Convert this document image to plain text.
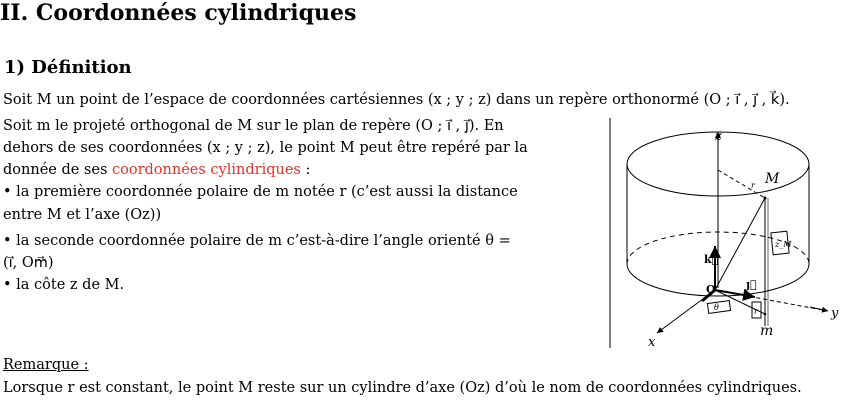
II. Coordonnées cylindriques
1) Définition
Soit M un point de l’espace de coordonnées cartésiennes (x ; y ; z) dans un repère orthonormé (O ; ı⃗ , ȷ⃗ , k⃗).
Soit m le projeté orthogonal de M sur le plan de repère (O ; ı⃗ , ȷ⃗). En
dehors de ses coordonnées (x ; y ; z), le point M peut être repéré par la
donnée de ses coordonnées cylindriques :
• la première coordonnée polaire de m notée r (c’est aussi la distance
entre M et l’axe (Oz))
• la seconde coordonnée polaire de m c’est-à-dire l’angle orienté θ =
(ı⃗, Om⃗)
• la côte z de M.
Remarque :
Lorsque r est constant, le point M reste sur un cylindre d’axe (Oz) d’où le nom de coordonnées cylindriques.
z
r M
z_M
k⃗
y
ȷ⃗
x
O
θ	r
m
